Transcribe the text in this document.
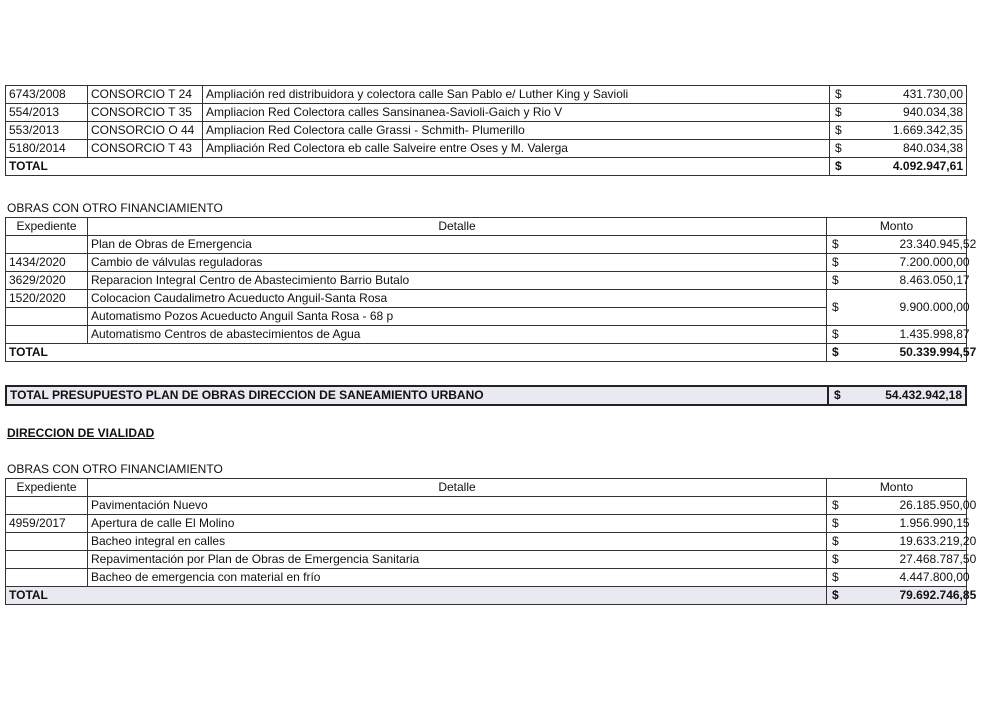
6743/2008	CONSORCIO T 24	Ampliación red distribuidora y colectora calle San Pablo e/ Luther King y Savioli	$	431.730,00
554/2013	CONSORCIO T 35	Ampliacion Red Colectora calles Sansinanea-Savioli-Gaich y Rio V	$	940.034,38
553/2013	CONSORCIO O 44	Ampliacion Red Colectora calle Grassi - Schmith- Plumerillo	$	1.669.342,35
5180/2014	CONSORCIO T 43	Ampliación Red Colectora eb calle Salveire entre Oses y M. Valerga	$	840.034,38
TOTAL			$	4.092.947,61
OBRAS CON OTRO FINANCIAMIENTO
Expediente	Detalle	Monto	
	Plan de Obras de Emergencia	$	23.340.945,52
1434/2020	Cambio de válvulas reguladoras	$	7.200.000,00
3629/2020	Reparacion Integral Centro de Abastecimiento Barrio Butalo	$	8.463.050,17
1520/2020	Colocacion Caudalimetro Acueducto Anguil-Santa Rosa	$	9.900.000,00
	Automatismo Pozos Acueducto Anguil Santa Rosa - 68 p		
	Automatismo Centros de abastecimientos de Agua	$	1.435.998,87
TOTAL		$	50.339.994,57
TOTAL PRESUPUESTO PLAN DE OBRAS DIRECCION DE SANEAMIENTO URBANO	$	54.432.942,18
DIRECCION DE VIALIDAD
OBRAS CON OTRO FINANCIAMIENTO
Expediente	Detalle	Monto	
	Pavimentación Nuevo	$	26.185.950,00
4959/2017	Apertura de calle El Molino	$	1.956.990,15
	Bacheo integral en calles	$	19.633.219,20
	Repavimentación por Plan de Obras de Emergencia Sanitaria	$	27.468.787,50
	Bacheo de emergencia con material en frío	$	4.447.800,00
TOTAL		$	79.692.746,85
